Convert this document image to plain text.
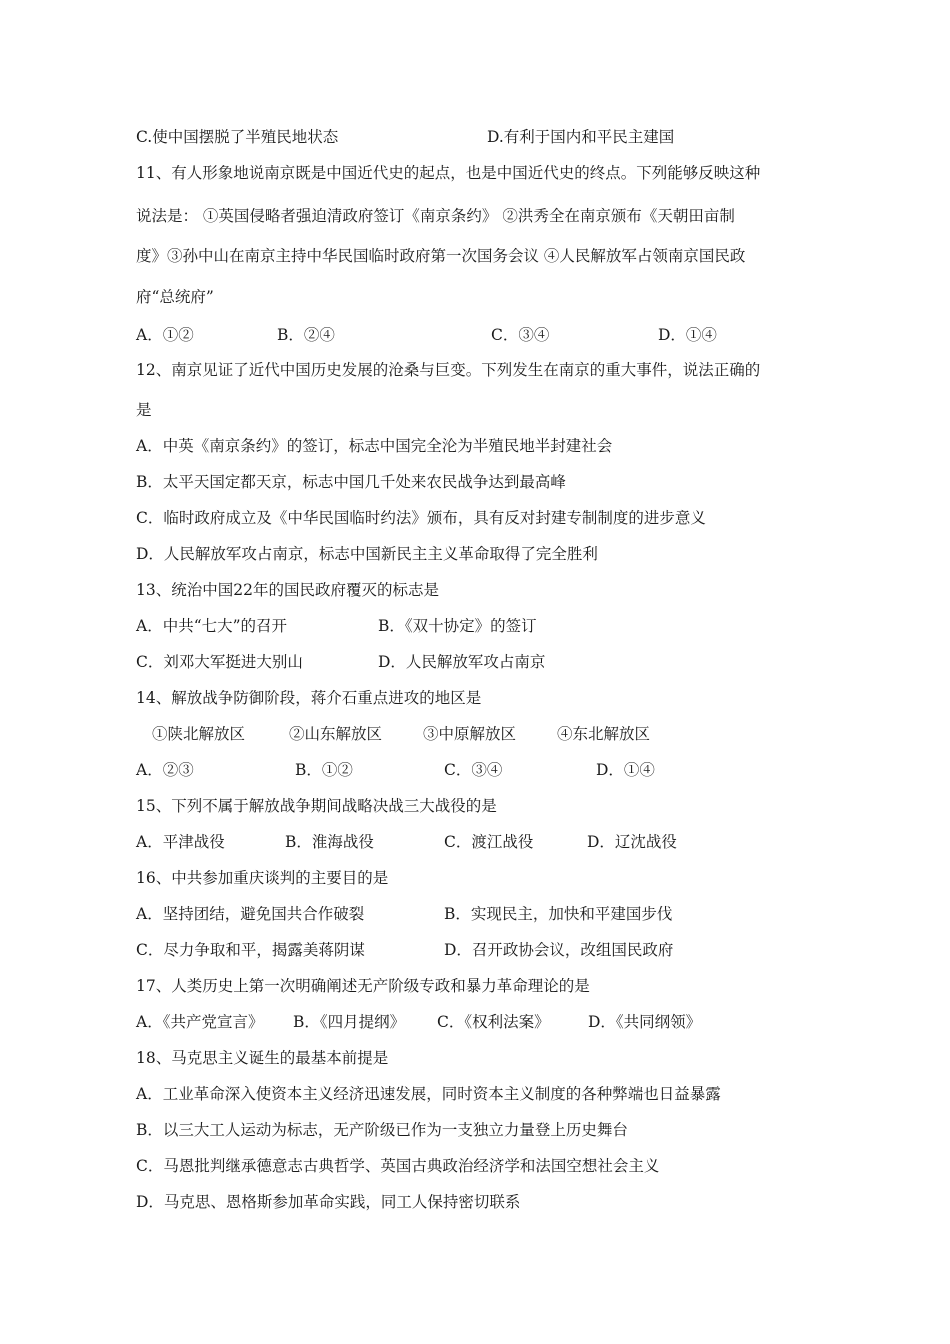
C.使中国摆脱了半殖民地状态	D.有利于国内和平民主建国
11、有人形象地说南京既是中国近代史的起点，也是中国近代史的终点。下列能够反映这种
说法是： ①英国侵略者强迫清政府签订《南京条约》 ②洪秀全在南京颁布《天朝田亩制
度》③孙中山在南京主持中华民国临时政府第一次国务会议 ④人民解放军占领南京国民政
府“总统府”
A．①②	B．②④	C．③④	D．①④
12、南京见证了近代中国历史发展的沧桑与巨变。下列发生在南京的重大事件，说法正确的
是
A．中英《南京条约》的签订，标志中国完全沦为半殖民地半封建社会
B．太平天国定都天京，标志中国几千处来农民战争达到最高峰
C．临时政府成立及《中华民国临时约法》颁布，具有反对封建专制制度的进步意义
D．人民解放军攻占南京，标志中国新民主主义革命取得了完全胜利
13、统治中国22年的国民政府覆灭的标志是
A．中共“七大”的召开	B．《双十协定》的签订
C．刘邓大军挺进大别山	D．人民解放军攻占南京
14、解放战争防御阶段，蒋介石重点进攻的地区是
①陕北解放区	②山东解放区	③中原解放区	④东北解放区
A．②③	B．①②	C．③④	D．①④
15、下列不属于解放战争期间战略决战三大战役的是
A．平津战役	B．淮海战役	C．渡江战役	D．辽沈战役
16、中共参加重庆谈判的主要目的是
A．坚持团结，避免国共合作破裂	B．实现民主，加快和平建国步伐
C．尽力争取和平，揭露美蒋阴谋	D．召开政协会议，改组国民政府
17、人类历史上第一次明确阐述无产阶级专政和暴力革命理论的是
A．《共产党宣言》 B．《四月提纲》 C．《权利法案》 D．《共同纲领》
18、马克思主义诞生的最基本前提是
A．工业革命深入使资本主义经济迅速发展，同时资本主义制度的各种弊端也日益暴露
B．以三大工人运动为标志，无产阶级已作为一支独立力量登上历史舞台
C．马恩批判继承德意志古典哲学、英国古典政治经济学和法国空想社会主义
D．马克思、恩格斯参加革命实践，同工人保持密切联系
